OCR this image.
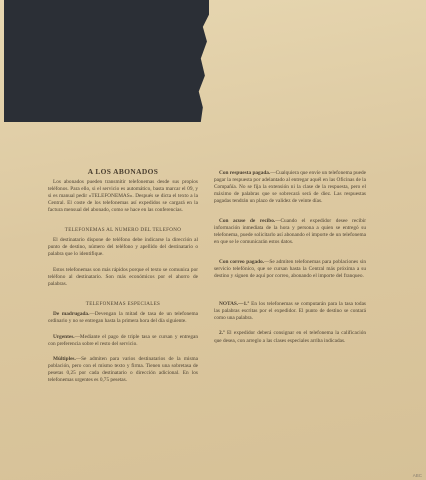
A LOS ABONADOS

Los abonados pueden transmitir telefonemas desde sus propios teléfonos. Para ello, si el servicio es automático, basta marcar el 09, y si es manual pedir «TELEFONEMAS». Después se dicta el texto a la Central. El coste de los telefonemas así expedidos se cargará en la factura mensual del abonado, como se hace en las conferencias.

TELEFONEMAS AL NUMERO DEL TELEFONO

El destinatario dispone de teléfono debe indicarse la dirección al punto de destino, número del teléfono y apellido del destinatario o palabra que lo identifique.

Estos telefonemas son más rápidos porque el texto se comunica por teléfono al destinatario. Son más económicos por el ahorro de palabras.

TELEFONEMAS ESPECIALES

De madrugada.—Devengan la mitad de tasa de un telefonema ordinario y no se entregan hasta la primera hora del día siguiente.

Urgentes.—Mediante el pago de triple tasa se cursan y entregan con preferencia sobre el resto del servicio.

Múltiples.—Se admiten para varios destinatarios de la misma población, pero con el mismo texto y firma. Tienen una sobretasa de pesetas 0,25 por cada destinatario o dirección adicional. En los telefonemas urgentes es 0,75 pesetas.

Con respuesta pagada.—Cualquiera que envíe un telefonema puede pagar la respuesta por adelantado al entregar aquél en las Oficinas de la Compañía. No se fija la extensión ni la clase de la respuesta, pero el máximo de palabras que se sobrecará será de diez. Las respuestas pagadas tendrán un plazo de validez de veinte días.

Con acuse de recibo.—Cuando el expedidor desee recibir información inmediata de la hora y persona a quien se entregó su telefonema, puede solicitarlo así abonando el importe de un telefonema en que se le comunicarán estos datos.

Con correo pagado.—Se admiten telefonemas para poblaciones sin servicio telefónico, que se cursan hasta la Central más próxima a su destino y siguen de aquí por correo, abonando el importe del franqueo.

NOTAS.—1.º En los telefonemas se computarán para la tasa todas las palabras escritas por el expedidor. El punto de destino se contará como una palabra.

2.º El expedidor deberá consignar en el telefonema la calificación que desea, con arreglo a las clases especiales arriba indicadas.

ABC
